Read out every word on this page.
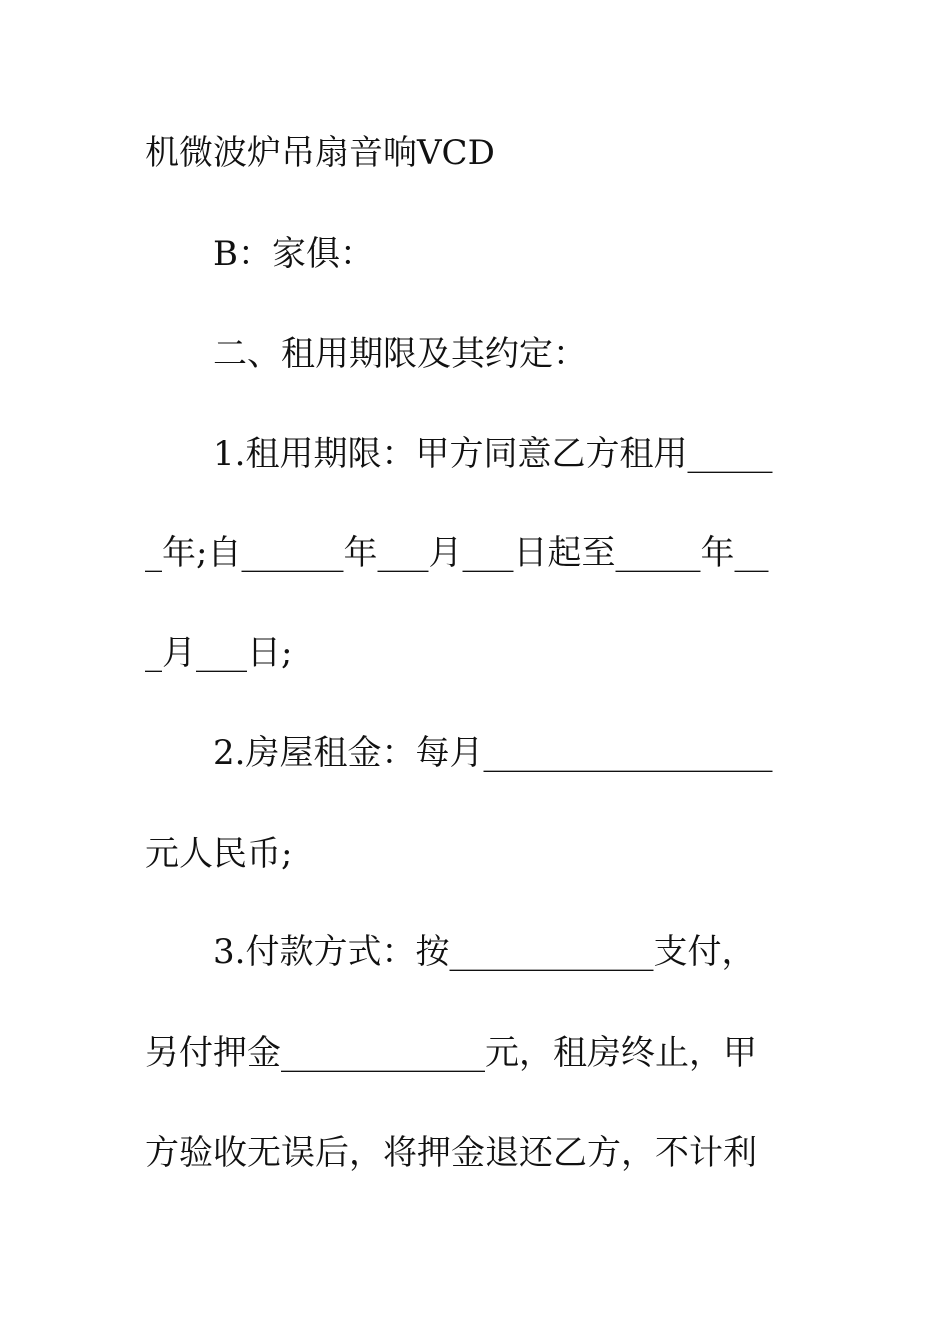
机微波炉吊扇音响VCD

B：家俱：

二、租用期限及其约定：

1.租用期限：甲方同意乙方租用_____

_年;自______年___月___日起至_____年__

_月___日;

2.房屋租金：每月_________________

元人民币;

3.付款方式：按____________支付，

另付押金____________元，租房终止，甲

方验收无误后，将押金退还乙方，不计利
